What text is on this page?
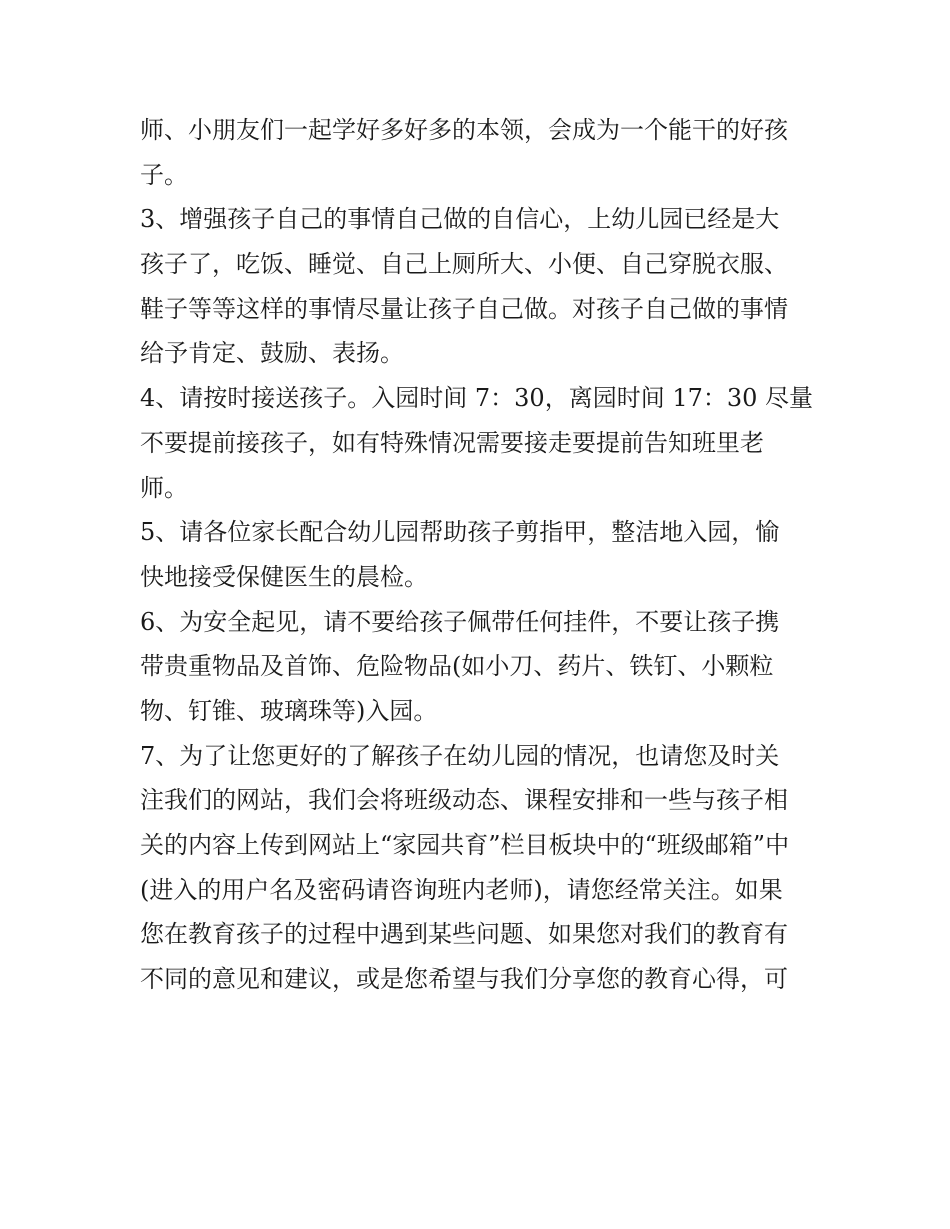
师、小朋友们一起学好多好多的本领，会成为一个能干的好孩
子。
3、增强孩子自己的事情自己做的自信心，上幼儿园已经是大
孩子了，吃饭、睡觉、自己上厕所大、小便、自己穿脱衣服、
鞋子等等这样的事情尽量让孩子自己做。对孩子自己做的事情
给予肯定、鼓励、表扬。
4、请按时接送孩子。入园时间 7：30，离园时间 17：30 尽量
不要提前接孩子，如有特殊情况需要接走要提前告知班里老
师。
5、请各位家长配合幼儿园帮助孩子剪指甲，整洁地入园，愉
快地接受保健医生的晨检。
6、为安全起见，请不要给孩子佩带任何挂件，不要让孩子携
带贵重物品及首饰、危险物品(如小刀、药片、铁钉、小颗粒
物、钉锥、玻璃珠等)入园。
7、为了让您更好的了解孩子在幼儿园的情况，也请您及时关
注我们的网站，我们会将班级动态、课程安排和一些与孩子相
关的内容上传到网站上“家园共育”栏目板块中的“班级邮箱”中
(进入的用户名及密码请咨询班内老师)，请您经常关注。如果
您在教育孩子的过程中遇到某些问题、如果您对我们的教育有
不同的意见和建议，或是您希望与我们分享您的教育心得，可
